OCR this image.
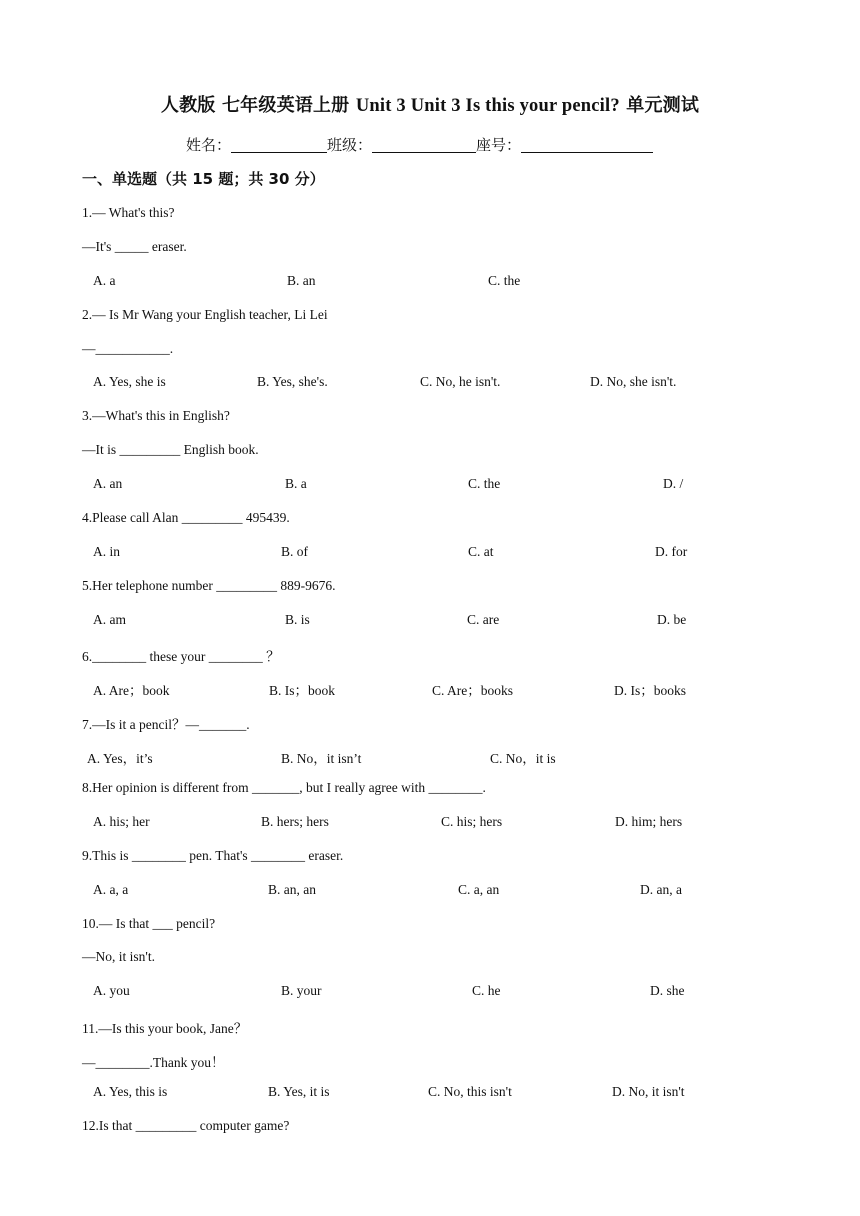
人教版 七年级英语上册 Unit 3 Unit 3 Is this your pencil? 单元测试
姓名：	班级：	座号：
一、单选题（共 15 题；共 30 分）
1.— What's this?
—It's _____ eraser.
A. a	B. an	C. the
2.— Is Mr Wang your English teacher, Li Lei
—___________.
A. Yes, she is	B. Yes, she's.	C. No, he isn't.	D. No, she isn't.
3.—What's this in English?
—It is _________ English book.
A. an	B. a	C. the	D. /
4.Please call Alan _________ 495439.
A. in	B. of	C. at	D. for
5.Her telephone number _________ 889-9676.
A. am	B. is	C. are	D. be
6.________ these your ________ ？
A. Are；book	B. Is；book	C. Are；books	D. Is；books
7.—Is it a pencil？—_______.
A. Yes，it’s	B. No，it isn’t	C. No，it is
8.Her opinion is different from _______, but I really agree with ________.
A. his; her	B. hers; hers	C. his; hers	D. him; hers
9.This is ________ pen. That's ________ eraser.
A. a, a	B. an, an	C. a, an	D. an, a
10.— Is that ___ pencil?
—No, it isn't.
A. you	B. your	C. he	D. she
11.—Is this your book, Jane？
—________.Thank you！
A. Yes, this is	B. Yes, it is	C. No, this isn't	D. No, it isn't
12.Is that _________ computer game?
